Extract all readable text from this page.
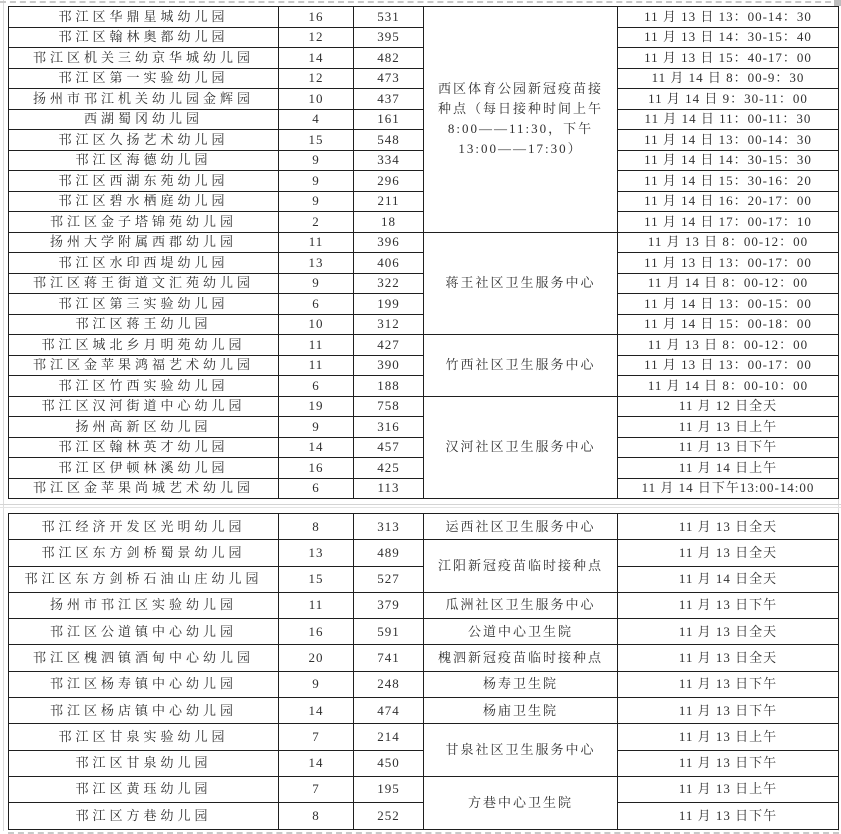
邗江区华鼎星城幼儿园	16	531	西区体育公园新冠疫苗接种点（每日接种时间上午8:00——11:30，下午 13:00——17:30）	11 月 13 日 13：00-14：30
邗江区翰林奥都幼儿园	12	395		11 月 13 日 14：30-15：40
邗江区机关三幼京华城幼儿园	14	482		11 月 13 日 15：40-17：00
邗江区第一实验幼儿园	12	473		11 月 14 日 8：00-9：30
扬州市邗江机关幼儿园金辉园	10	437		11 月 14 日 9：30-11：00
西湖蜀冈幼儿园	4	161		11 月 14 日 11：00-11：30
邗江区久扬艺术幼儿园	15	548		11 月 14 日 13：00-14：30
邗江区海德幼儿园	9	334		11 月 14 日 14：30-15：30
邗江区西湖东苑幼儿园	9	296		11 月 14 日 15：30-16：20
邗江区碧水栖庭幼儿园	9	211		11 月 14 日 16：20-17：00
邗江区金子塔锦苑幼儿园	2	18		11 月 14 日 17：00-17：10
扬州大学附属西郡幼儿园	11	396	蒋王社区卫生服务中心	11 月 13 日 8：00-12：00
邗江区水印西堤幼儿园	13	406		11 月 13 日 13：00-17：00
邗江区蒋王街道文汇苑幼儿园	9	322		11 月 14 日 8：00-12：00
邗江区第三实验幼儿园	6	199		11 月 14 日 13：00-15：00
邗江区蒋王幼儿园	10	312		11 月 14 日 15：00-18：00
邗江区城北乡月明苑幼儿园	11	427	竹西社区卫生服务中心	11 月 13 日 8：00-12：00
邗江区金苹果鸿福艺术幼儿园	11	390		11 月 13 日 13：00-17：00
邗江区竹西实验幼儿园	6	188		11 月 14 日 8：00-10：00
邗江区汉河街道中心幼儿园	19	758	汉河社区卫生服务中心	11 月 12 日全天
扬州高新区幼儿园	9	316		11 月 13 日上午
邗江区翰林英才幼儿园	14	457		11 月 13 日下午
邗江区伊顿林溪幼儿园	16	425		11 月 14 日上午
邗江区金苹果尚城艺术幼儿园	6	113		11 月 14 日下午13:00-14:00
邗江经济开发区光明幼儿园	8	313	运西社区卫生服务中心	11 月 13 日全天
邗江区东方剑桥蜀景幼儿园	13	489	江阳新冠疫苗临时接种点	11 月 13 日全天
邗江区东方剑桥石油山庄幼儿园	15	527		11 月 14 日全天
扬州市邗江区实验幼儿园	11	379	瓜洲社区卫生服务中心	11 月 13 日下午
邗江区公道镇中心幼儿园	16	591	公道中心卫生院	11 月 13 日全天
邗江区槐泗镇酒甸中心幼儿园	20	741	槐泗新冠疫苗临时接种点	11 月 13 日全天
邗江区杨寿镇中心幼儿园	9	248	杨寿卫生院	11 月 13 日下午
邗江区杨店镇中心幼儿园	14	474	杨庙卫生院	11 月 13 日下午
邗江区甘泉实验幼儿园	7	214	甘泉社区卫生服务中心	11 月 13 日上午
邗江区甘泉幼儿园	14	450		11 月 13 日下午
邗江区黄珏幼儿园	7	195	方巷中心卫生院	11 月 13 日上午
邗江区方巷幼儿园	8	252		11 月 13 日下午
